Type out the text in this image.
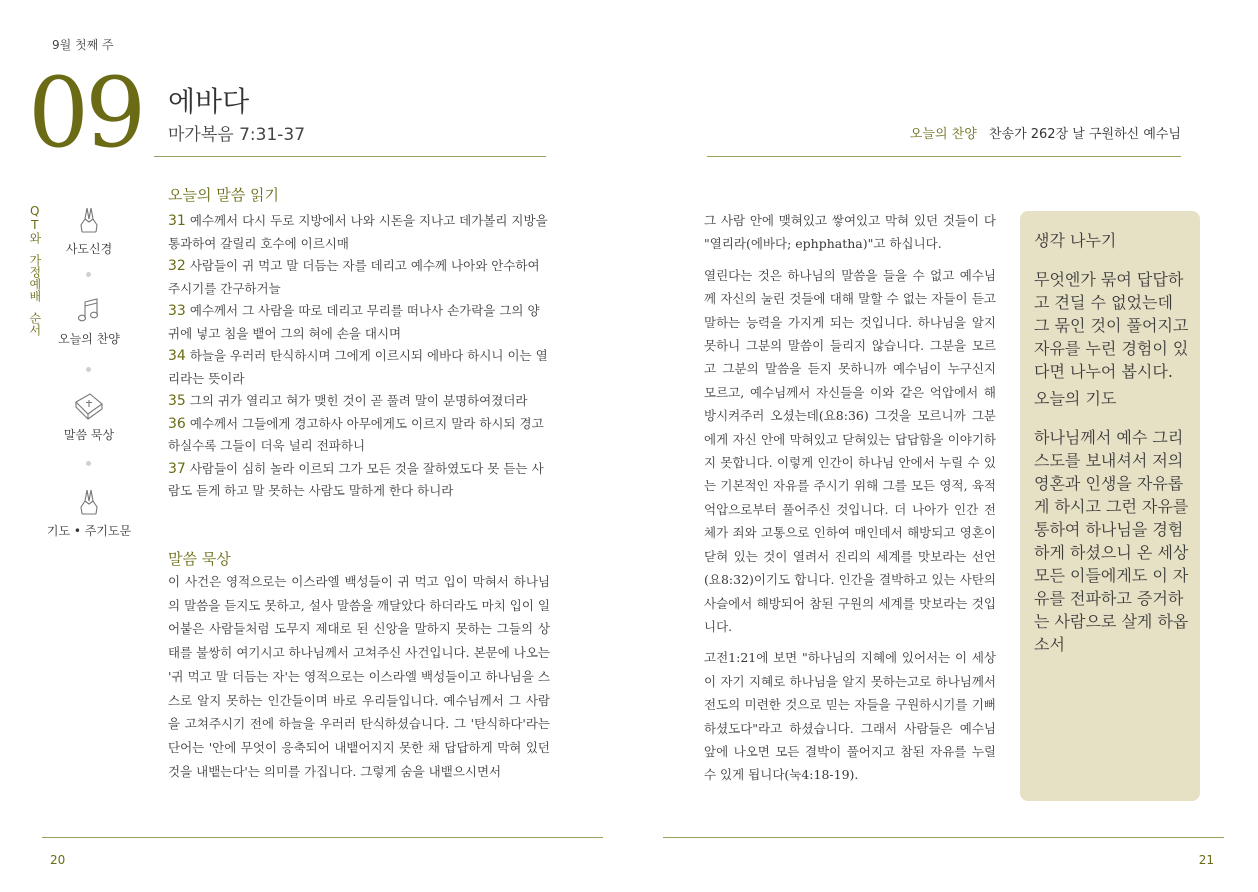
9월 첫째 주
09 에바다
마가복음 7:31-37	오늘의 찬양 찬송가 262장 날 구원하신 예수님
QT와
가정예배
순서
사도신경
오늘의 찬양
말씀 묵상
기도 • 주기도문
오늘의 말씀 읽기
31 예수께서 다시 두로 지방에서 나와 시돈을 지나고 데가볼리 지방을 통과하여 갈릴리 호수에 이르시매
32 사람들이 귀 먹고 말 더듬는 자를 데리고 예수께 나아와 안수하여 주시기를 간구하거늘
33 예수께서 그 사람을 따로 데리고 무리를 떠나사 손가락을 그의 양 귀에 넣고 침을 뱉어 그의 혀에 손을 대시며
34 하늘을 우러러 탄식하시며 그에게 이르시되 에바다 하시니 이는 열리라는 뜻이라
35 그의 귀가 열리고 혀가 맺힌 것이 곧 풀려 말이 분명하여졌더라
36 예수께서 그들에게 경고하사 아무에게도 이르지 말라 하시되 경고하실수록 그들이 더욱 널리 전파하니
37 사람들이 심히 놀라 이르되 그가 모든 것을 잘하였도다 못 듣는 사람도 듣게 하고 말 못하는 사람도 말하게 한다 하니라
말씀 묵상
이 사건은 영적으로는 이스라엘 백성들이 귀 먹고 입이 막혀서 하나님의 말씀을 듣지도 못하고, 설사 말씀을 깨달았다 하더라도 마치 입이 일어붙은 사람들처럼 도무지 제대로 된 신앙을 말하지 못하는 그들의 상태를 불쌍히 여기시고 하나님께서 고쳐주신 사건입니다. 본문에 나오는 '귀 먹고 말 더듬는 자'는 영적으로는 이스라엘 백성들이고 하나님을 스스로 알지 못하는 인간들이며 바로 우리들입니다. 예수님께서 그 사람을 고쳐주시기 전에 하늘을 우러러 탄식하셨습니다. 그 '탄식하다'라는 단어는 '안에 무엇이 응축되어 내뱉어지지 못한 채 답답하게 막혀 있던 것을 내뱉는다'는 의미를 가집니다. 그렇게 숨을 내뱉으시면서

그 사람 안에 맺혀있고 쌓여있고 막혀 있던 것들이 다 "열리라(에바다; ephphatha)"고 하십니다.

열린다는 것은 하나님의 말씀을 들을 수 없고 예수님께 자신의 눌린 것들에 대해 말할 수 없는 자들이 듣고 말하는 능력을 가지게 되는 것입니다. 하나님을 알지 못하니 그분의 말씀이 들리지 않습니다. 그분을 모르고 그분의 말씀을 듣지 못하니까 예수님이 누구신지 모르고, 예수님께서 자신들을 이와 같은 억압에서 해방시켜주러 오셨는데(요8:36) 그것을 모르니까 그분에게 자신 안에 막혀있고 닫혀있는 답답함을 이야기하지 못합니다. 이렇게 인간이 하나님 안에서 누릴 수 있는 기본적인 자유를 주시기 위해 그를 모든 영적, 육적 억압으로부터 풀어주신 것입니다. 더 나아가 인간 전체가 죄와 고통으로 인하여 매인데서 해방되고 영혼이 닫혀 있는 것이 열려서 진리의 세계를 맛보라는 선언(요8:32)이기도 합니다. 인간을 결박하고 있는 사탄의 사슬에서 해방되어 참된 구원의 세계를 맛보라는 것입니다.

고전1:21에 보면 "하나님의 지혜에 있어서는 이 세상이 자기 지혜로 하나님을 알지 못하는고로 하나님께서 전도의 미련한 것으로 믿는 자들을 구원하시기를 기뻐하셨도다"라고 하셨습니다. 그래서 사람들은 예수님 앞에 나오면 모든 결박이 풀어지고 참된 자유를 누릴 수 있게 됩니다(눅4:18-19).

생각 나누기

무엇엔가 묶여 답답하고 견딜 수 없었는데 그 묶인 것이 풀어지고 자유를 누린 경험이 있다면 나누어 봅시다.

오늘의 기도

하나님께서 예수 그리스도를 보내셔서 저의 영혼과 인생을 자유롭게 하시고 그런 자유를 통하여 하나님을 경험하게 하셨으니 온 세상 모든 이들에게도 이 자유를 전파하고 증거하는 사람으로 살게 하옵소서

20	21
